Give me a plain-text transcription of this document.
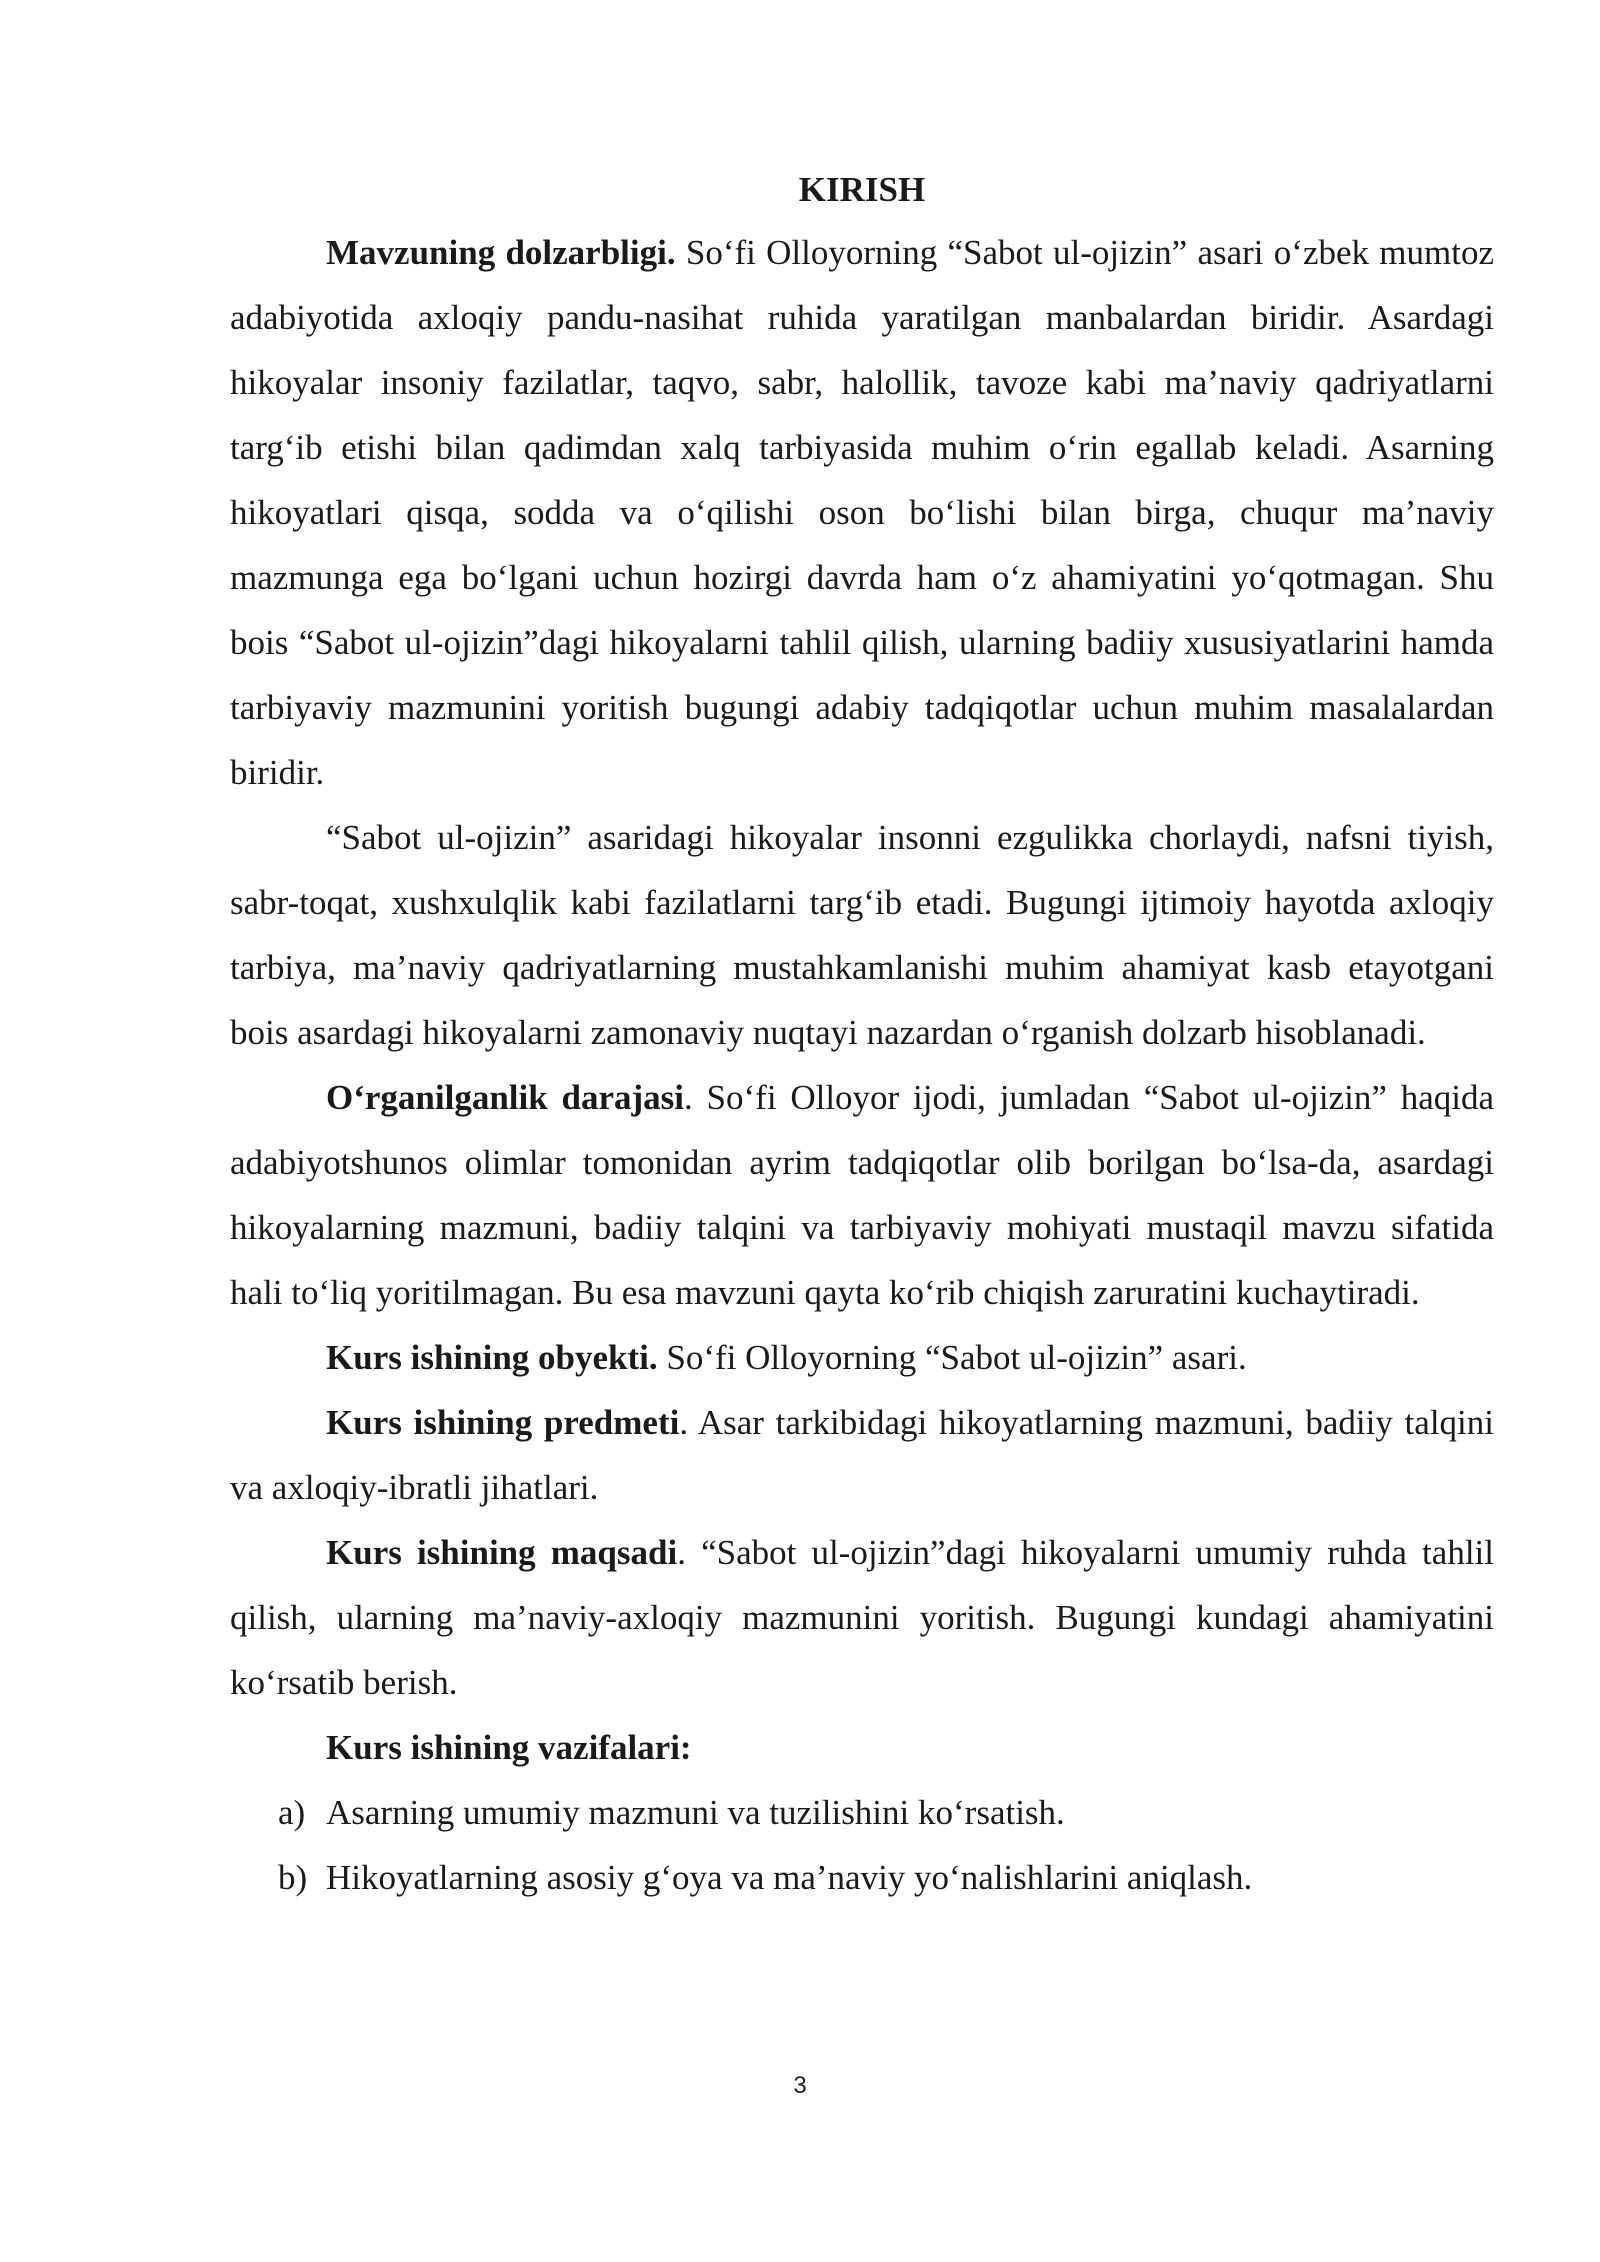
KIRISH

Mavzuning dolzarbligi. So‘fi Olloyorning “Sabot ul-ojizin” asari o‘zbek mumtoz adabiyotida axloqiy pandu-nasihat ruhida yaratilgan manbalardan biridir. Asardagi hikoyalar insoniy fazilatlar, taqvo, sabr, halollik, tavoze kabi ma’naviy qadriyatlarni targ‘ib etishi bilan qadimdan xalq tarbiyasida muhim o‘rin egallab keladi. Asarning hikoyatlari qisqa, sodda va o‘qilishi oson bo‘lishi bilan birga, chuqur ma’naviy mazmunga ega bo‘lgani uchun hozirgi davrda ham o‘z ahamiyatini yo‘qotmagan. Shu bois “Sabot ul-ojizin”dagi hikoyalarni tahlil qilish, ularning badiiy xususiyatlarini hamda tarbiyaviy mazmunini yoritish bugungi adabiy tadqiqotlar uchun muhim masalalardan biridir.

“Sabot ul-ojizin” asaridagi hikoyalar insonni ezgulikka chorlaydi, nafsni tiyish, sabr-toqat, xushxulqlik kabi fazilatlarni targ‘ib etadi. Bugungi ijtimoiy hayotda axloqiy tarbiya, ma’naviy qadriyatlarning mustahkamlanishi muhim ahamiyat kasb etayotgani bois asardagi hikoyalarni zamonaviy nuqtayi nazardan o‘rganish dolzarb hisoblanadi.

O‘rganilganlik darajasi. So‘fi Olloyor ijodi, jumladan “Sabot ul-ojizin” haqida adabiyotshunos olimlar tomonidan ayrim tadqiqotlar olib borilgan bo‘lsa-da, asardagi hikoyalarning mazmuni, badiiy talqini va tarbiyaviy mohiyati mustaqil mavzu sifatida hali to‘liq yoritilmagan. Bu esa mavzuni qayta ko‘rib chiqish zaruratini kuchaytiradi.

Kurs ishining obyekti. So‘fi Olloyorning “Sabot ul-ojizin” asari.

Kurs ishining predmeti. Asar tarkibidagi hikoyatlarning mazmuni, badiiy talqini va axloqiy-ibratli jihatlari.

Kurs ishining maqsadi. “Sabot ul-ojizin”dagi hikoyalarni umumiy ruhda tahlil qilish, ularning ma’naviy-axloqiy mazmunini yoritish. Bugungi kundagi ahamiyatini ko‘rsatib berish.

Kurs ishining vazifalari:

a) Asarning umumiy mazmuni va tuzilishini ko‘rsatish.
b) Hikoyatlarning asosiy g‘oya va ma’naviy yo‘nalishlarini aniqlash.
3
